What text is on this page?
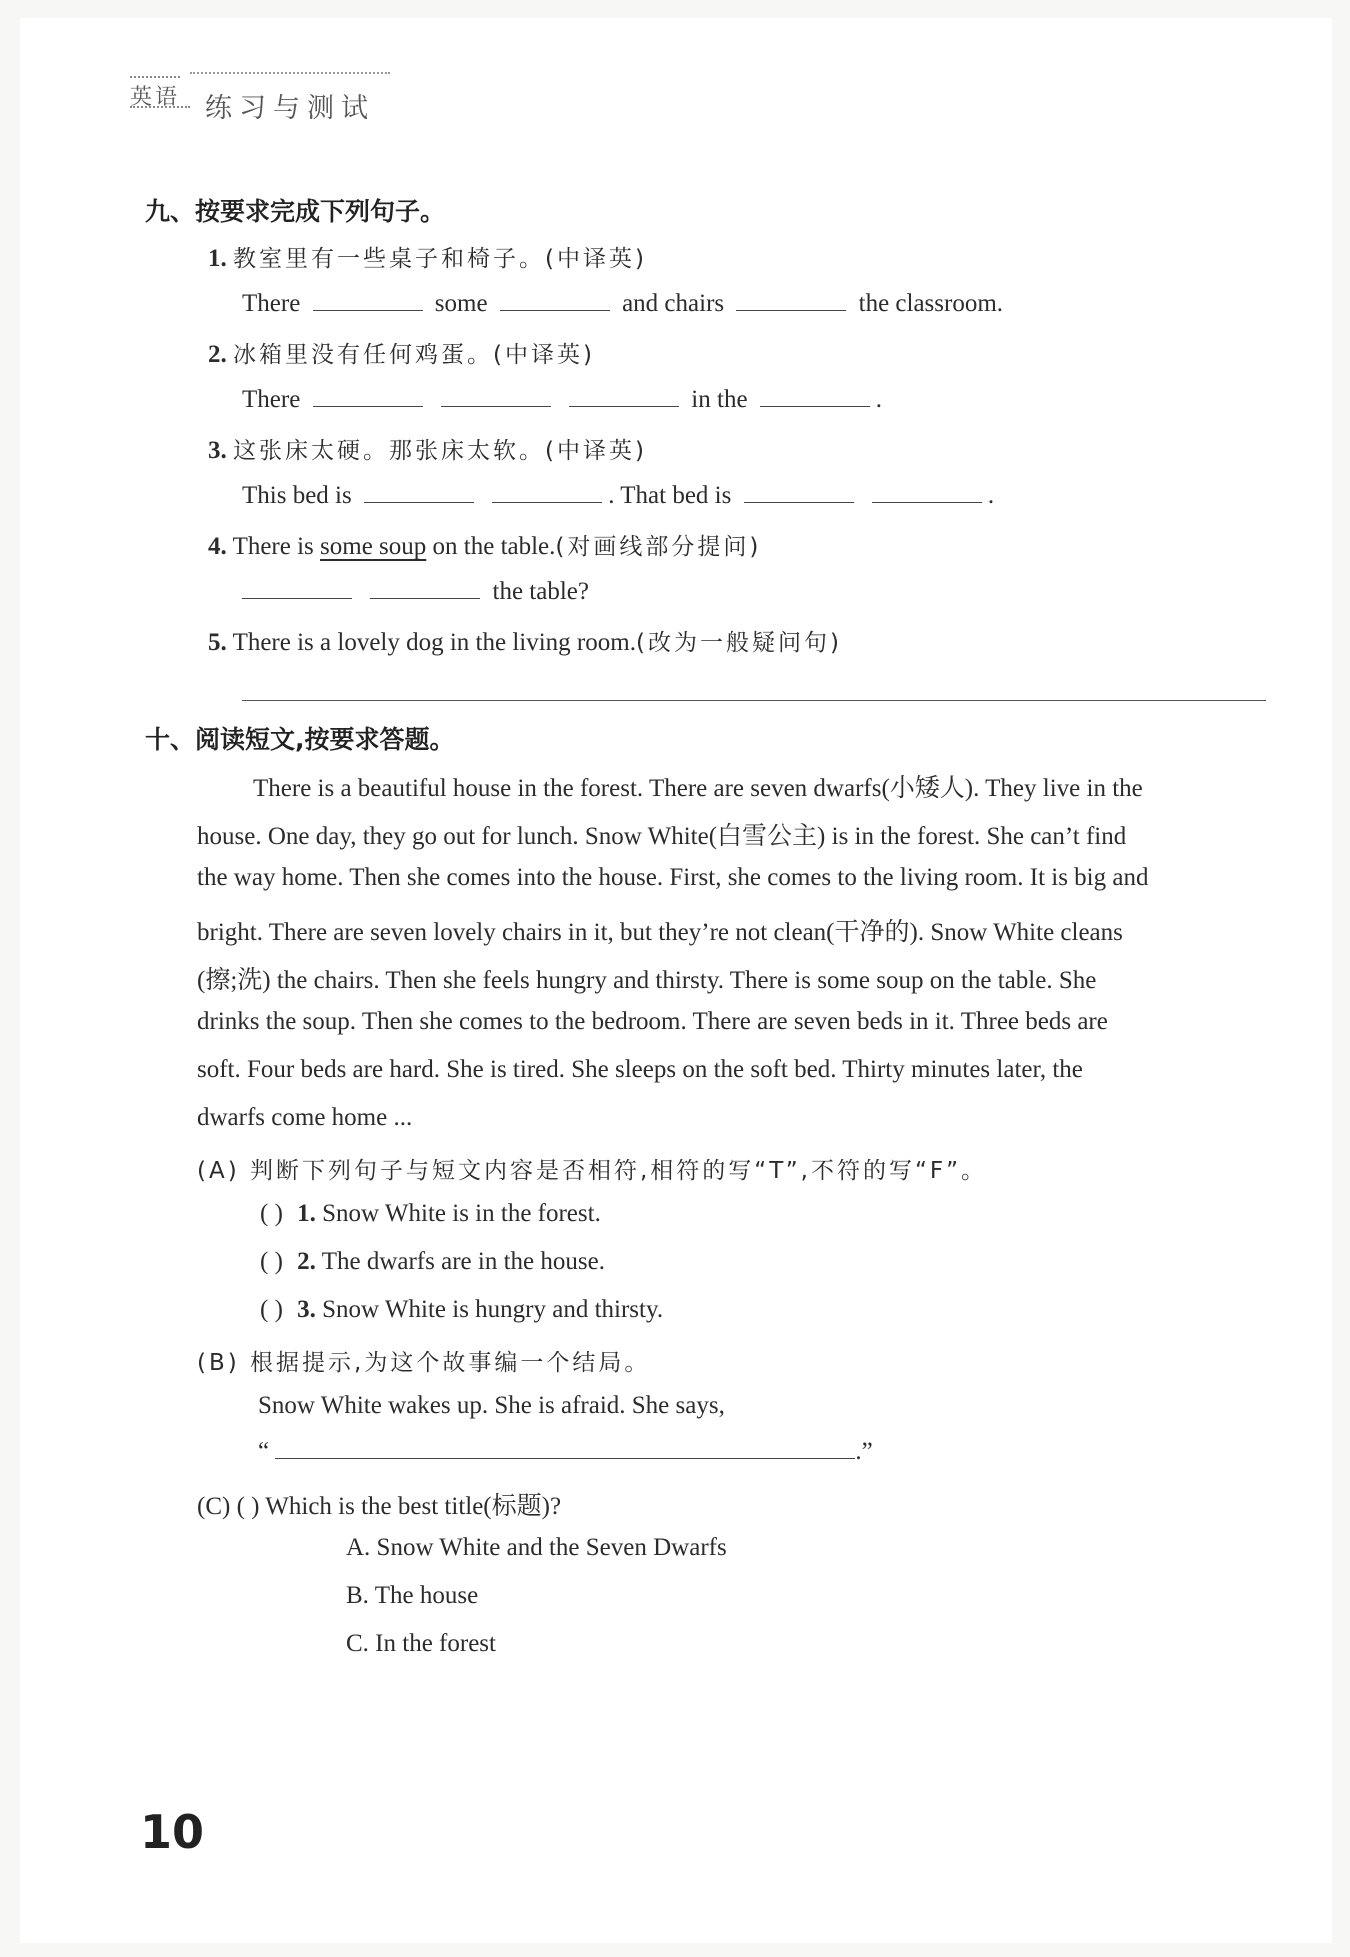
英语 练习与测试
九、按要求完成下列句子。
1. 教室里有一些桌子和椅子。(中译英)
There	some	and chairs	the classroom.
2. 冰箱里没有任何鸡蛋。(中译英)
There	in the	.
3. 这张床太硬。那张床太软。(中译英)
This bed is	. That bed is	.
4. There is some soup on the table.(对画线部分提问)
the table?
5. There is a lovely dog in the living room.(改为一般疑问句)
十、阅读短文,按要求答题。
There is a beautiful house in the forest. There are seven dwarfs(小矮人). They live in the
house. One day, they go out for lunch. Snow White(白雪公主) is in the forest. She can’t find
the way home. Then she comes into the house. First, she comes to the living room. It is big and
bright. There are seven lovely chairs in it, but they’re not clean(干净的). Snow White cleans
(擦;洗) the chairs. Then she feels hungry and thirsty. There is some soup on the table. She
drinks the soup. Then she comes to the bedroom. There are seven beds in it. Three beds are
soft. Four beds are hard. She is tired. She sleeps on the soft bed. Thirty minutes later, the
dwarfs come home ...
(A) 判断下列句子与短文内容是否相符,相符的写“T”,不符的写“F”。
( ) 1. Snow White is in the forest.
( ) 2. The dwarfs are in the house.
( ) 3. Snow White is hungry and thirsty.
(B) 根据提示,为这个故事编一个结局。
Snow White wakes up. She is afraid. She says,
“	.”
(C) ( ) Which is the best title(标题)?
A. Snow White and the Seven Dwarfs
B. The house
C. In the forest
10
